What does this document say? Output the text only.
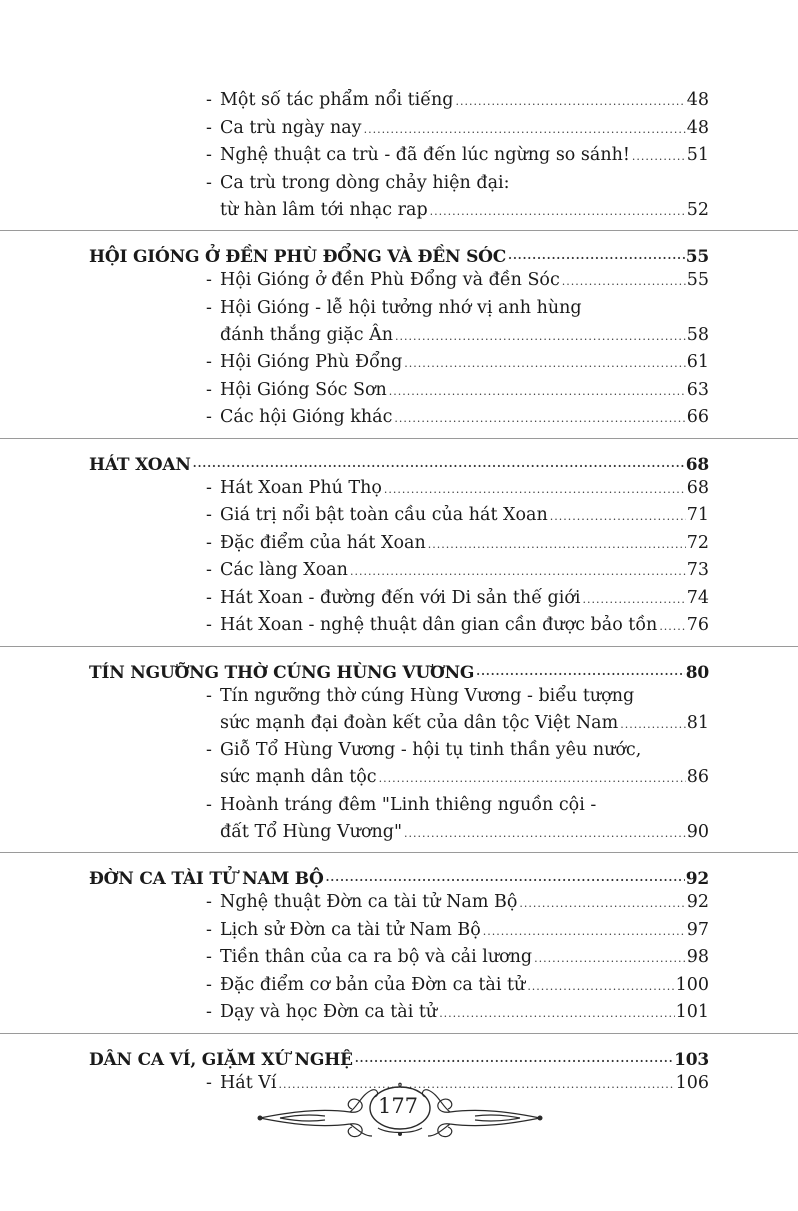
- Một số tác phẩm nổi tiếng .....	48
- Ca trù ngày nay .....	48
- Nghệ thuật ca trù - đã đến lúc ngừng so sánh! .....	51
- Ca trù trong dòng chảy hiện đại:
từ hàn lâm tới nhạc rap .....	52
HỘI GIÓNG Ở ĐỀN PHÙ ĐỔNG VÀ ĐỀN SÓC .....	55
- Hội Gióng ở đền Phù Đổng và đền Sóc .....	55
- Hội Gióng - lễ hội tưởng nhớ vị anh hùng
đánh thắng giặc Ân .....	58
- Hội Gióng Phù Đổng .....	61
- Hội Gióng Sóc Sơn .....	63
- Các hội Gióng khác .....	66
HÁT XOAN .....	68
- Hát Xoan Phú Thọ .....	68
- Giá trị nổi bật toàn cầu của hát Xoan .....	71
- Đặc điểm của hát Xoan .....	72
- Các làng Xoan .....	73
- Hát Xoan - đường đến với Di sản thế giới .....	74
- Hát Xoan - nghệ thuật dân gian cần được bảo tồn ..... 76
TÍN NGƯỠNG THỜ CÚNG HÙNG VƯƠNG .....	80
- Tín ngưỡng thờ cúng Hùng Vương - biểu tượng
sức mạnh đại đoàn kết của dân tộc Việt Nam .....	81
- Giỗ Tổ Hùng Vương - hội tụ tinh thần yêu nước,
sức mạnh dân tộc .....	86
- Hoành tráng đêm "Linh thiêng nguồn cội -
đất Tổ Hùng Vương" .....	90
ĐỜN CA TÀI TỬ NAM BỘ .....	92
- Nghệ thuật Đờn ca tài tử Nam Bộ .....	92
- Lịch sử Đờn ca tài tử Nam Bộ .....	97
- Tiền thân của ca ra bộ và cải lương .....	98
- Đặc điểm cơ bản của Đờn ca tài tử .....	100
- Dạy và học Đờn ca tài tử .....	101
DÂN CA VÍ, GIẶM XỨ NGHỆ .....	103
- Hát Ví .....	106
177
